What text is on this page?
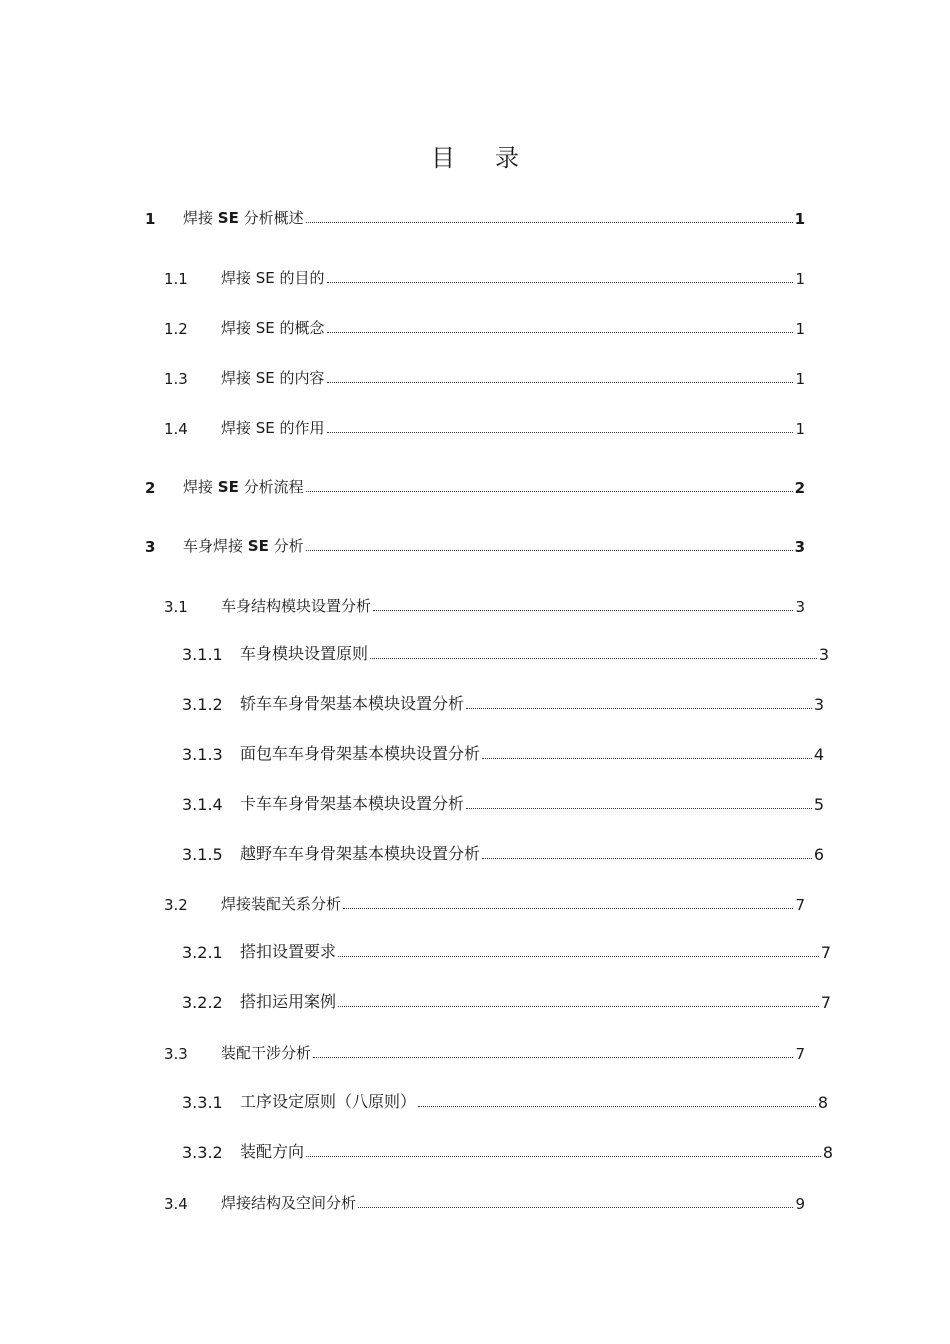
目 录
1	焊接 SE 分析概述	1
1.1	焊接 SE 的目的	1
1.2	焊接 SE 的概念	1
1.3	焊接 SE 的内容	1
1.4	焊接 SE 的作用	1
2	焊接 SE 分析流程	2
3	车身焊接 SE 分析	3
3.1	车身结构模块设置分析	3
3.1.1	车身模块设置原则	3
3.1.2	轿车车身骨架基本模块设置分析	3
3.1.3	面包车车身骨架基本模块设置分析	4
3.1.4	卡车车身骨架基本模块设置分析	5
3.1.5	越野车车身骨架基本模块设置分析	6
3.2	焊接装配关系分析	7
3.2.1	搭扣设置要求	7
3.2.2	搭扣运用案例	7
3.3	装配干涉分析	7
3.3.1	工序设定原则（八原则）	8
3.3.2	装配方向	8
3.4	焊接结构及空间分析	9
